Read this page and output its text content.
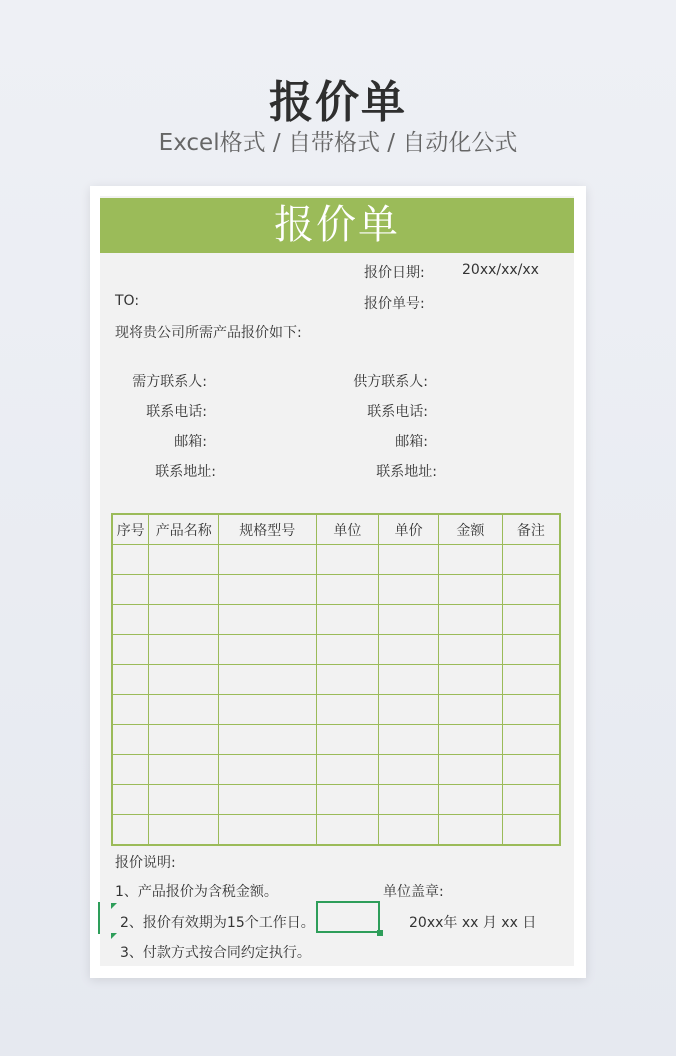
报价单
Excel格式 / 自带格式 / 自动化公式
报价单
报价日期:	20xx/xx/xx
TO:	报价单号:
现将贵公司所需产品报价如下:
需方联系人:	供方联系人:
联系电话:	联系电话:
邮箱:	邮箱:
联系地址:	联系地址:
序号	产品名称	规格型号	单位	单价	金额	备注

报价说明:
1、产品报价为含税金额。	单位盖章:
2、报价有效期为15个工作日。	20xx年 xx 月 xx 日
3、付款方式按合同约定执行。
